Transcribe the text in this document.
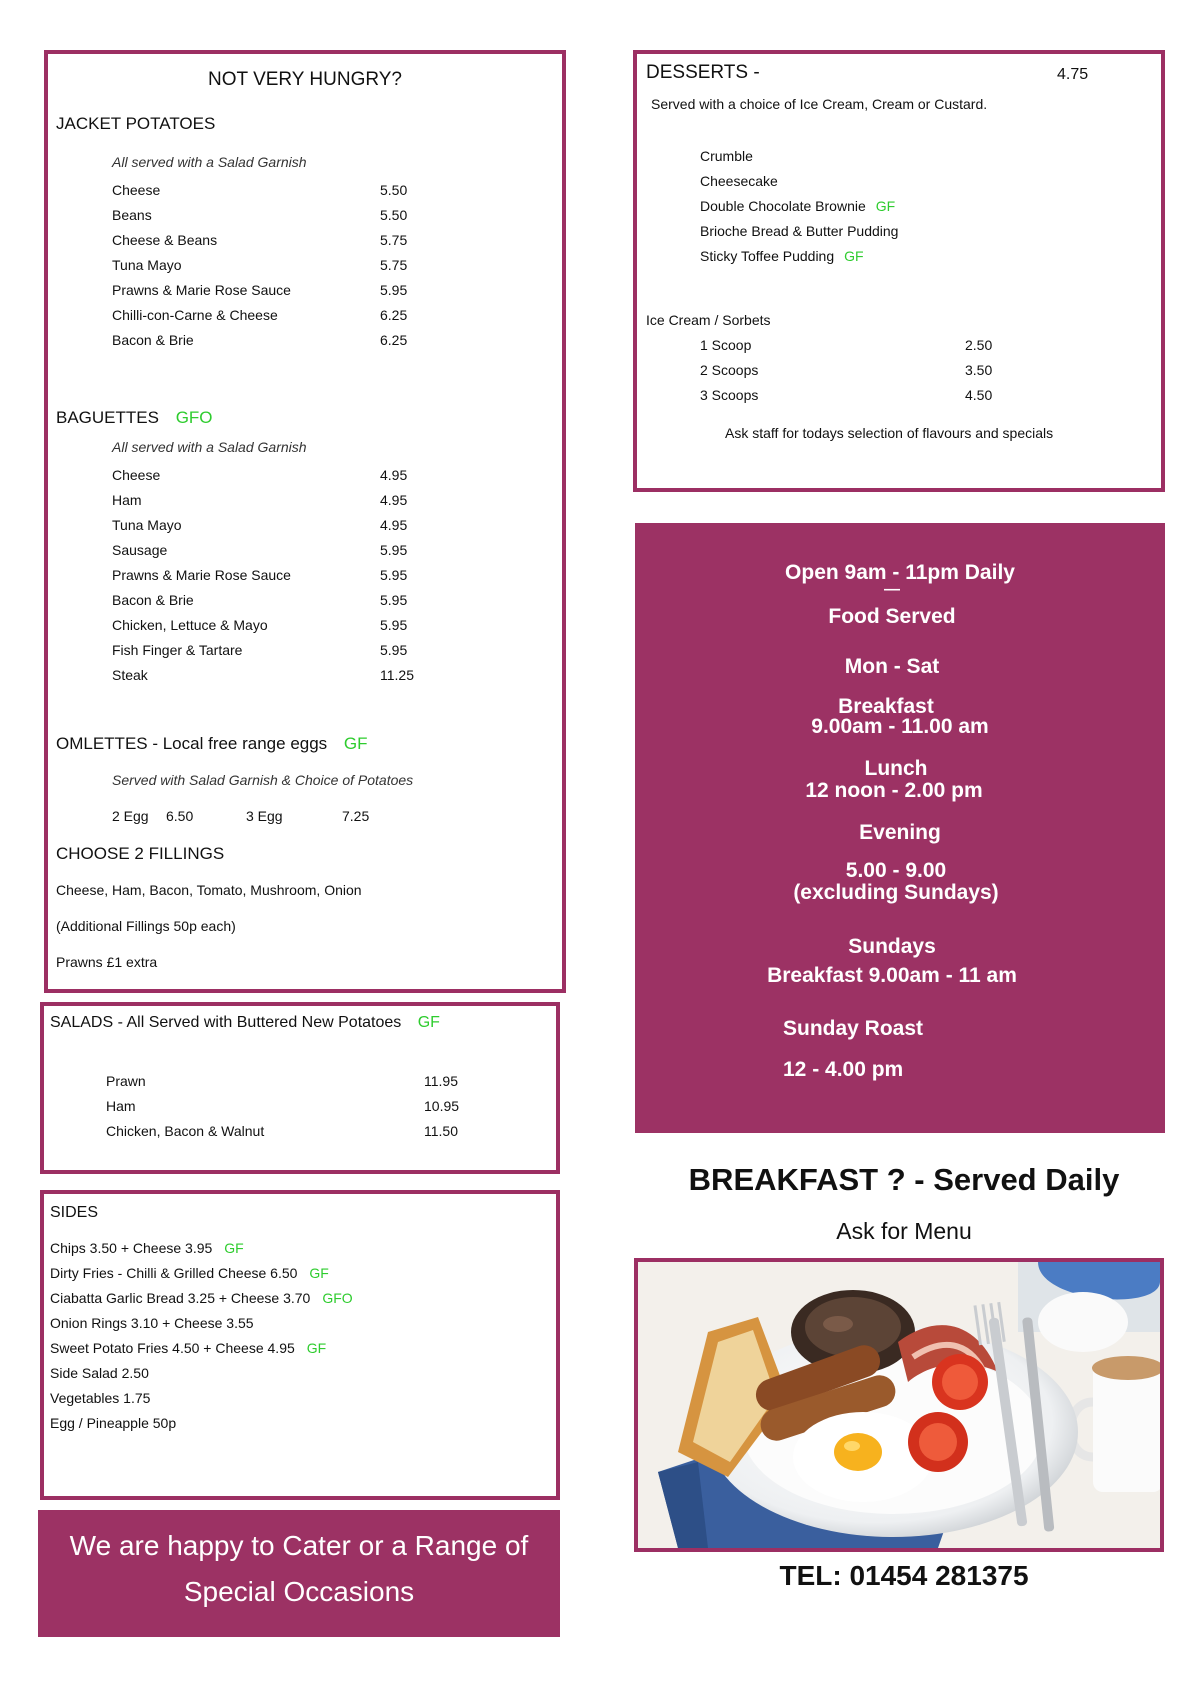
NOT VERY HUNGRY?
JACKET POTATOES
All served with a Salad Garnish
Cheese	5.50
Beans	5.50
Cheese & Beans	5.75
Tuna Mayo	5.75
Prawns & Marie Rose Sauce	5.95
Chilli-con-Carne & Cheese	6.25
Bacon & Brie	6.25
BAGUETTES GFO
All served with a Salad Garnish
Cheese	4.95
Ham	4.95
Tuna Mayo	4.95
Sausage	5.95
Prawns & Marie Rose Sauce	5.95
Bacon & Brie	5.95
Chicken, Lettuce & Mayo	5.95
Fish Finger & Tartare	5.95
Steak	11.25
OMLETTES - Local free range eggs GF
Served with Salad Garnish & Choice of Potatoes
2 Egg 6.50	3 Egg	7.25
CHOOSE 2 FILLINGS
Cheese, Ham, Bacon, Tomato, Mushroom, Onion
(Additional Fillings 50p each)
Prawns £1 extra
SALADS - All Served with Buttered New Potatoes GF
Prawn	11.95
Ham	10.95
Chicken, Bacon & Walnut	11.50
SIDES
Chips 3.50 + Cheese 3.95 GF
Dirty Fries - Chilli & Grilled Cheese 6.50 GF
Ciabatta Garlic Bread 3.25 + Cheese 3.70 GFO
Onion Rings 3.10 + Cheese 3.55
Sweet Potato Fries 4.50 + Cheese 4.95 GF
Side Salad 2.50
Vegetables 1.75
Egg / Pineapple 50p
We are happy to Cater or a Range of
Special Occasions
DESSERTS -	4.75
Served with a choice of Ice Cream, Cream or Custard.
Crumble
Cheesecake
Double Chocolate Brownie GF
Brioche Bread & Butter Pudding
Sticky Toffee Pudding GF
Ice Cream / Sorbets
1 Scoop	2.50
2 Scoops	3.50
3 Scoops	4.50
Ask staff for todays selection of flavours and specials
Open 9am - 11pm Daily
—
Food Served
Mon - Sat
Breakfast
9.00am - 11.00 am
Lunch
12 noon - 2.00 pm
Evening
5.00 - 9.00
(excluding Sundays)
Sundays
Breakfast 9.00am - 11 am
Sunday Roast
12 - 4.00 pm
BREAKFAST ? - Served Daily
Ask for Menu
TEL: 01454 281375
